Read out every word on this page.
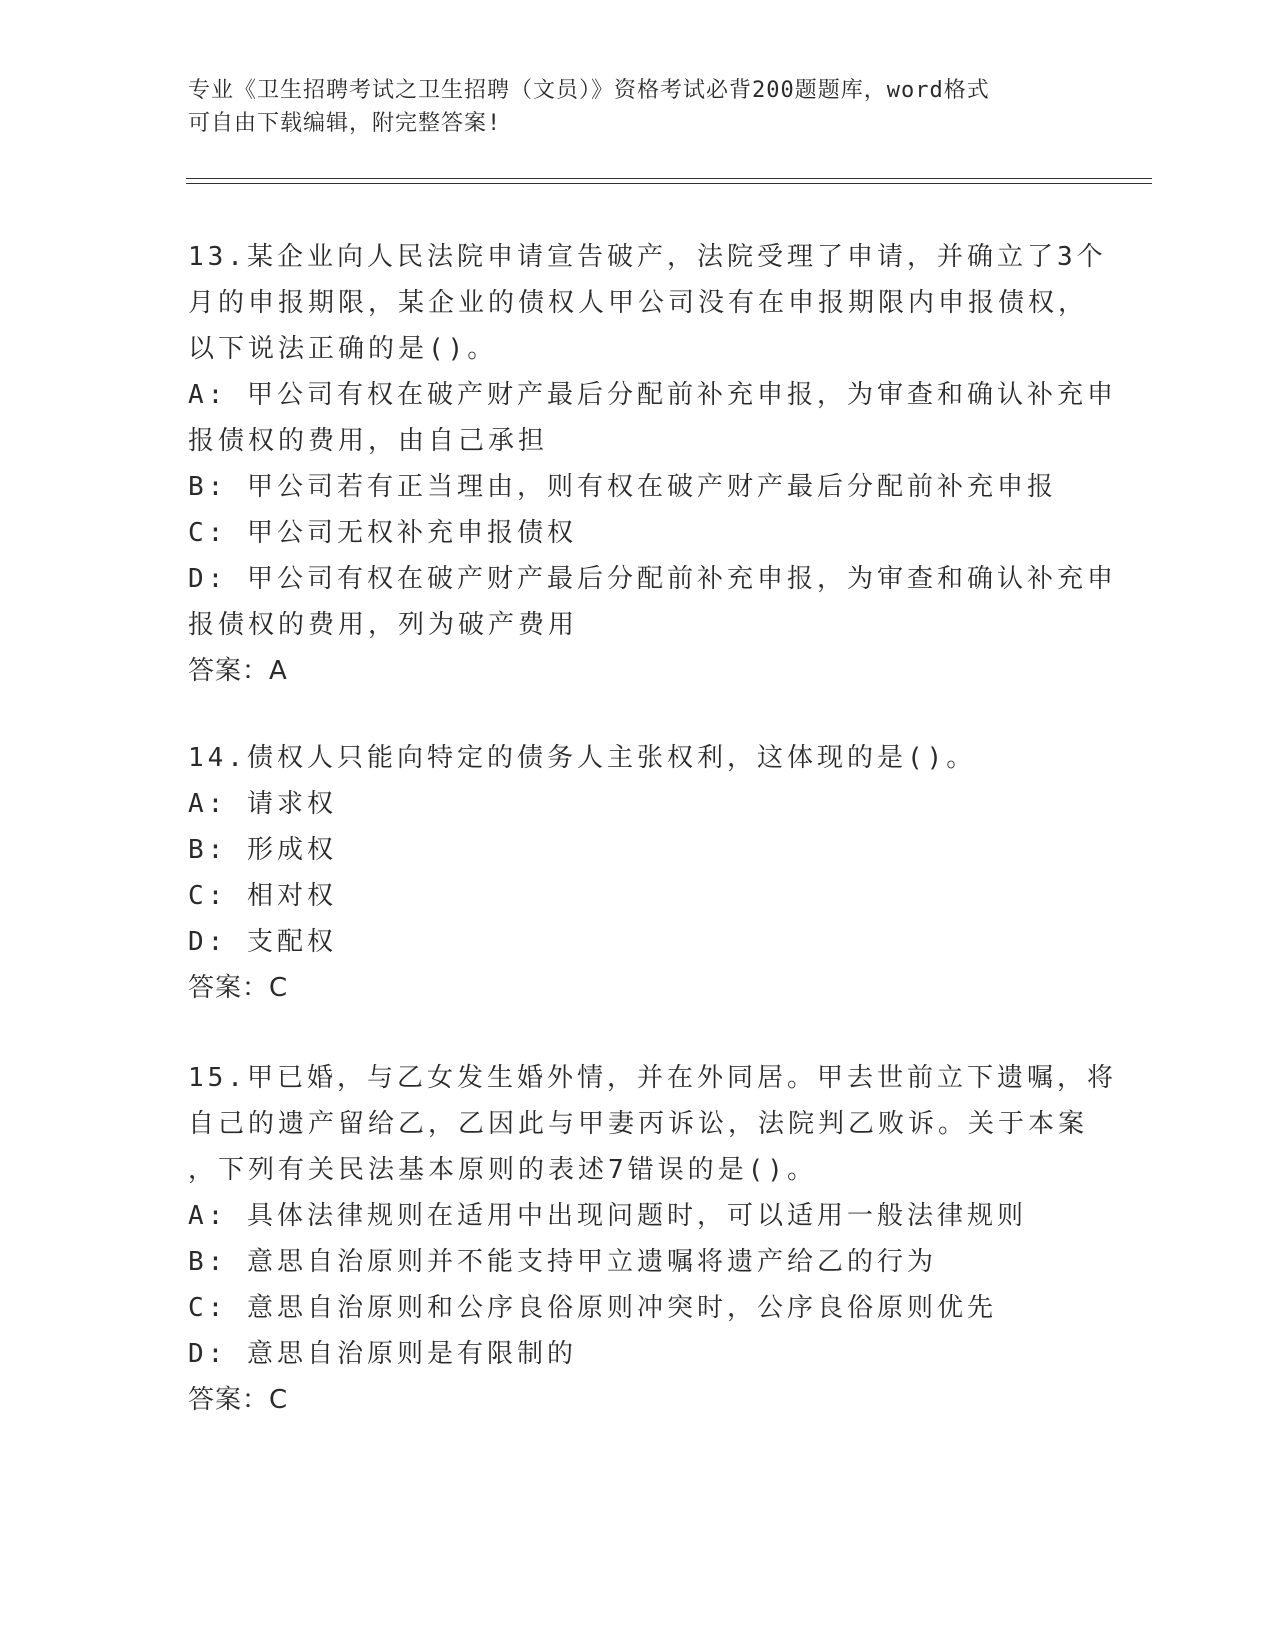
专业《卫生招聘考试之卫生招聘（文员）》资格考试必背200题题库，word格式
可自由下载编辑，附完整答案!
13.某企业向人民法院申请宣告破产，法院受理了申请，并确立了3个
月的申报期限，某企业的债权人甲公司没有在申报期限内申报债权，
以下说法正确的是()。
A: 甲公司有权在破产财产最后分配前补充申报，为审查和确认补充申
报债权的费用，由自己承担
B: 甲公司若有正当理由，则有权在破产财产最后分配前补充申报
C: 甲公司无权补充申报债权
D: 甲公司有权在破产财产最后分配前补充申报，为审查和确认补充申
报债权的费用，列为破产费用
答案：A
14.债权人只能向特定的债务人主张权利，这体现的是()。
A: 请求权
B: 形成权
C: 相对权
D: 支配权
答案：C
15.甲已婚，与乙女发生婚外情，并在外同居。甲去世前立下遗嘱，将
自己的遗产留给乙，乙因此与甲妻丙诉讼，法院判乙败诉。关于本案
，下列有关民法基本原则的表述7错误的是()。
A: 具体法律规则在适用中出现问题时，可以适用一般法律规则
B: 意思自治原则并不能支持甲立遗嘱将遗产给乙的行为
C: 意思自治原则和公序良俗原则冲突时，公序良俗原则优先
D: 意思自治原则是有限制的
答案：C
